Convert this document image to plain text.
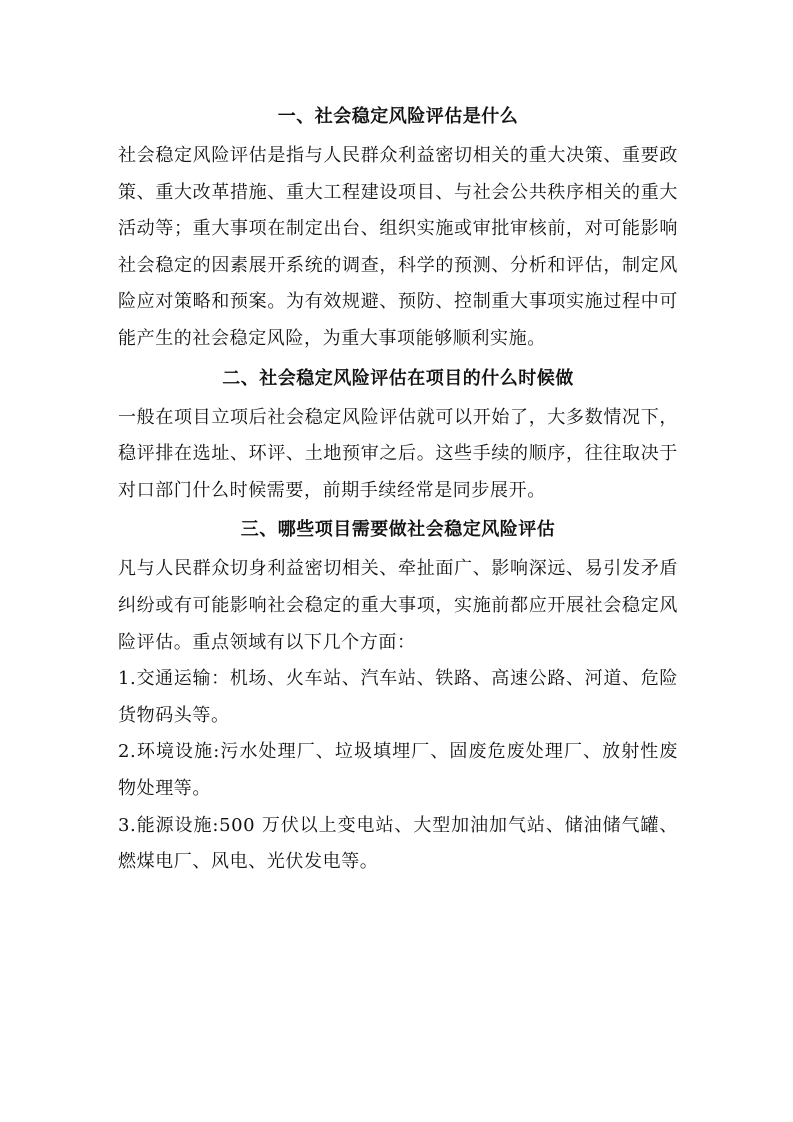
一、社会稳定风险评估是什么

社会稳定风险评估是指与人民群众利益密切相关的重大决策、重要政策、重大改革措施、重大工程建设项目、与社会公共秩序相关的重大活动等；重大事项在制定出台、组织实施或审批审核前，对可能影响社会稳定的因素展开系统的调查，科学的预测、分析和评估，制定风险应对策略和预案。为有效规避、预防、控制重大事项实施过程中可能产生的社会稳定风险，为重大事项能够顺利实施。

二、社会稳定风险评估在项目的什么时候做

一般在项目立项后社会稳定风险评估就可以开始了，大多数情况下，稳评排在选址、环评、土地预审之后。这些手续的顺序，往往取决于对口部门什么时候需要，前期手续经常是同步展开。

三、哪些项目需要做社会稳定风险评估

凡与人民群众切身利益密切相关、牵扯面广、影响深远、易引发矛盾纠纷或有可能影响社会稳定的重大事项，实施前都应开展社会稳定风险评估。重点领域有以下几个方面：

1.交通运输：机场、火车站、汽车站、铁路、高速公路、河道、危险货物码头等。

2.环境设施:污水处理厂、垃圾填埋厂、固废危废处理厂、放射性废物处理等。

3.能源设施:500 万伏以上变电站、大型加油加气站、储油储气罐、燃煤电厂、风电、光伏发电等。
